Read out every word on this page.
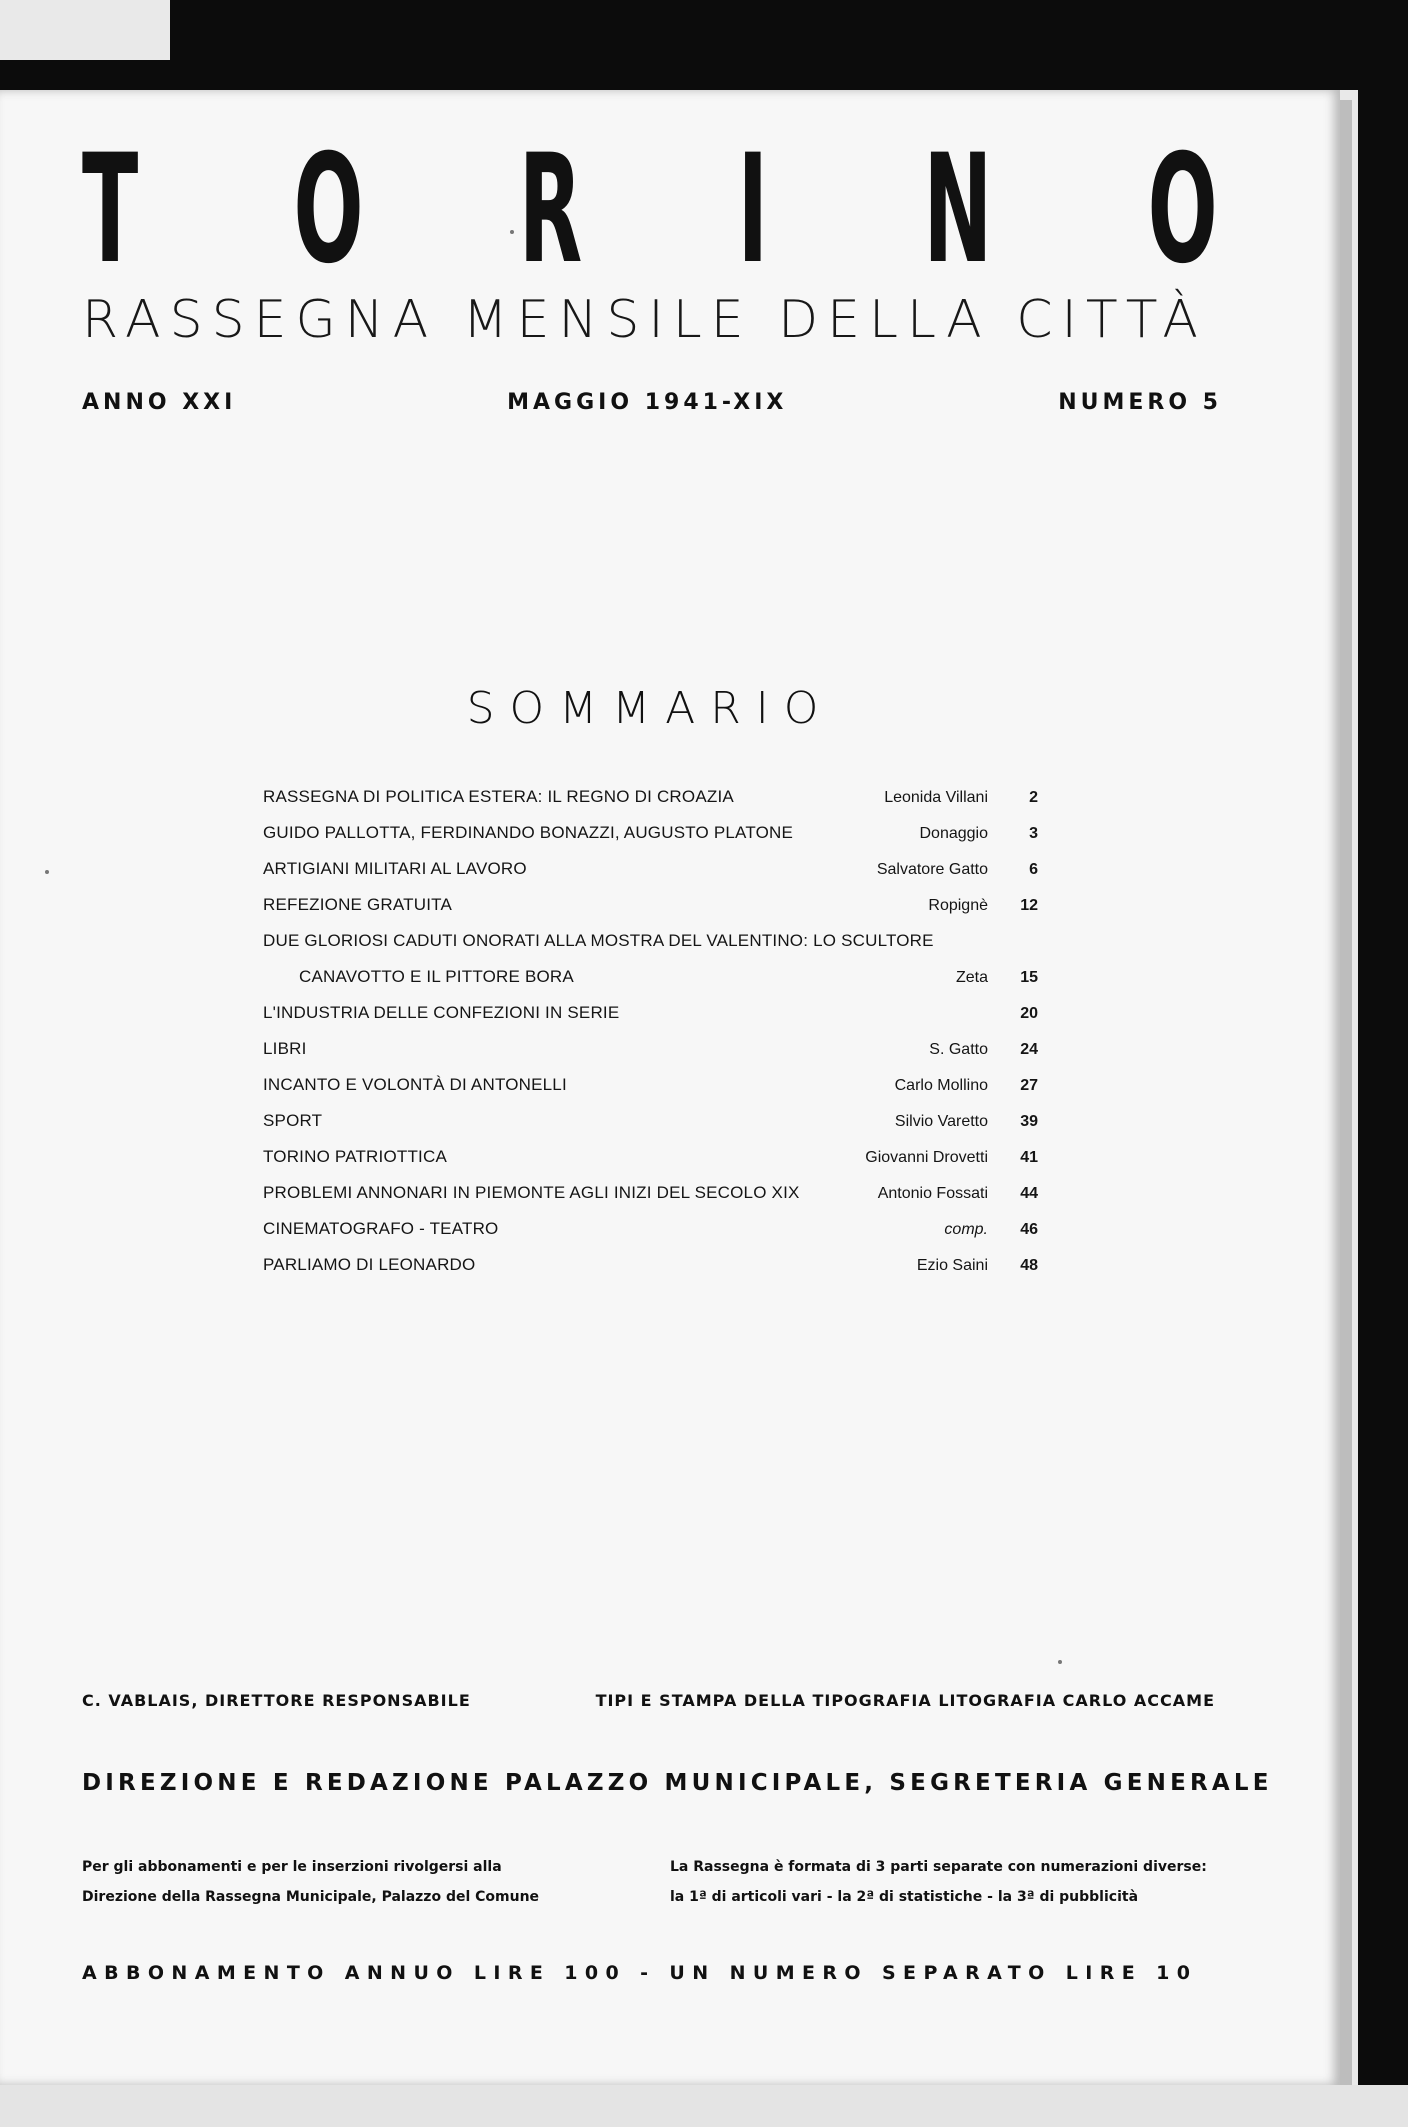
T O R I N O
RASSEGNA MENSILE DELLA CITTÀ
ANNO XXI	MAGGIO 1941-XIX	NUMERO 5
SOMMARIO
RASSEGNA DI POLITICA ESTERA: IL REGNO DI CROAZIA	Leonida Villani	2
GUIDO PALLOTTA, FERDINANDO BONAZZI, AUGUSTO PLATONE	Donaggio	3
ARTIGIANI MILITARI AL LAVORO	Salvatore Gatto	6
REFEZIONE GRATUITA	Ropignè	12
DUE GLORIOSI CADUTI ONORATI ALLA MOSTRA DEL VALENTINO: LO SCULTORE
CANAVOTTO E IL PITTORE BORA	Zeta	15
L'INDUSTRIA DELLE CONFEZIONI IN SERIE	20
LIBRI	S. Gatto	24
INCANTO E VOLONTÀ DI ANTONELLI	Carlo Mollino	27
SPORT	Silvio Varetto	39
TORINO PATRIOTTICA	Giovanni Drovetti	41
PROBLEMI ANNONARI IN PIEMONTE AGLI INIZI DEL SECOLO XIX	Antonio Fossati	44
CINEMATOGRAFO - TEATRO	comp.	46
PARLIAMO DI LEONARDO	Ezio Saini	48
C. VABLAIS, DIRETTORE RESPONSABILE	TIPI E STAMPA DELLA TIPOGRAFIA LITOGRAFIA CARLO ACCAME
DIREZIONE E REDAZIONE PALAZZO MUNICIPALE, SEGRETERIA GENERALE
Per gli abbonamenti e per le inserzioni rivolgersi alla
Direzione della Rassegna Municipale, Palazzo del Comune
La Rassegna è formata di 3 parti separate con numerazioni diverse:
la 1ª di articoli vari - la 2ª di statistiche - la 3ª di pubblicità
ABBONAMENTO ANNUO LIRE 100 - UN NUMERO SEPARATO LIRE 10
